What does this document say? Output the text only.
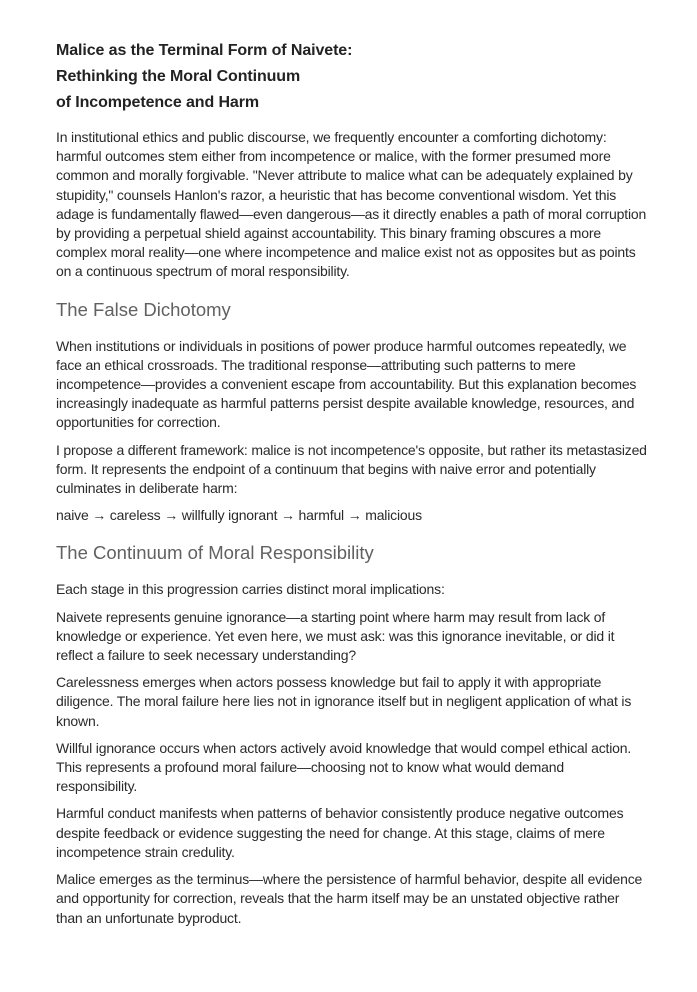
Malice as the Terminal Form of Naivete:
Rethinking the Moral Continuum
of Incompetence and Harm

In institutional ethics and public discourse, we frequently encounter a comforting dichotomy: harmful outcomes stem either from incompetence or malice, with the former presumed more common and morally forgivable. "Never attribute to malice what can be adequately explained by stupidity," counsels Hanlon's razor, a heuristic that has become conventional wisdom. Yet this adage is fundamentally flawed—even dangerous—as it directly enables a path of moral corruption by providing a perpetual shield against accountability. This binary framing obscures a more complex moral reality—one where incompetence and malice exist not as opposites but as points on a continuous spectrum of moral responsibility.

The False Dichotomy

When institutions or individuals in positions of power produce harmful outcomes repeatedly, we face an ethical crossroads. The traditional response—attributing such patterns to mere incompetence—provides a convenient escape from accountability. But this explanation becomes increasingly inadequate as harmful patterns persist despite available knowledge, resources, and opportunities for correction.

I propose a different framework: malice is not incompetence's opposite, but rather its metastasized form. It represents the endpoint of a continuum that begins with naive error and potentially culminates in deliberate harm:

naive → careless → willfully ignorant → harmful → malicious

The Continuum of Moral Responsibility

Each stage in this progression carries distinct moral implications:

Naivete represents genuine ignorance—a starting point where harm may result from lack of knowledge or experience. Yet even here, we must ask: was this ignorance inevitable, or did it reflect a failure to seek necessary understanding?

Carelessness emerges when actors possess knowledge but fail to apply it with appropriate diligence. The moral failure here lies not in ignorance itself but in negligent application of what is known.

Willful ignorance occurs when actors actively avoid knowledge that would compel ethical action. This represents a profound moral failure—choosing not to know what would demand responsibility.

Harmful conduct manifests when patterns of behavior consistently produce negative outcomes despite feedback or evidence suggesting the need for change. At this stage, claims of mere incompetence strain credulity.

Malice emerges as the terminus—where the persistence of harmful behavior, despite all evidence and opportunity for correction, reveals that the harm itself may be an unstated objective rather than an unfortunate byproduct.
